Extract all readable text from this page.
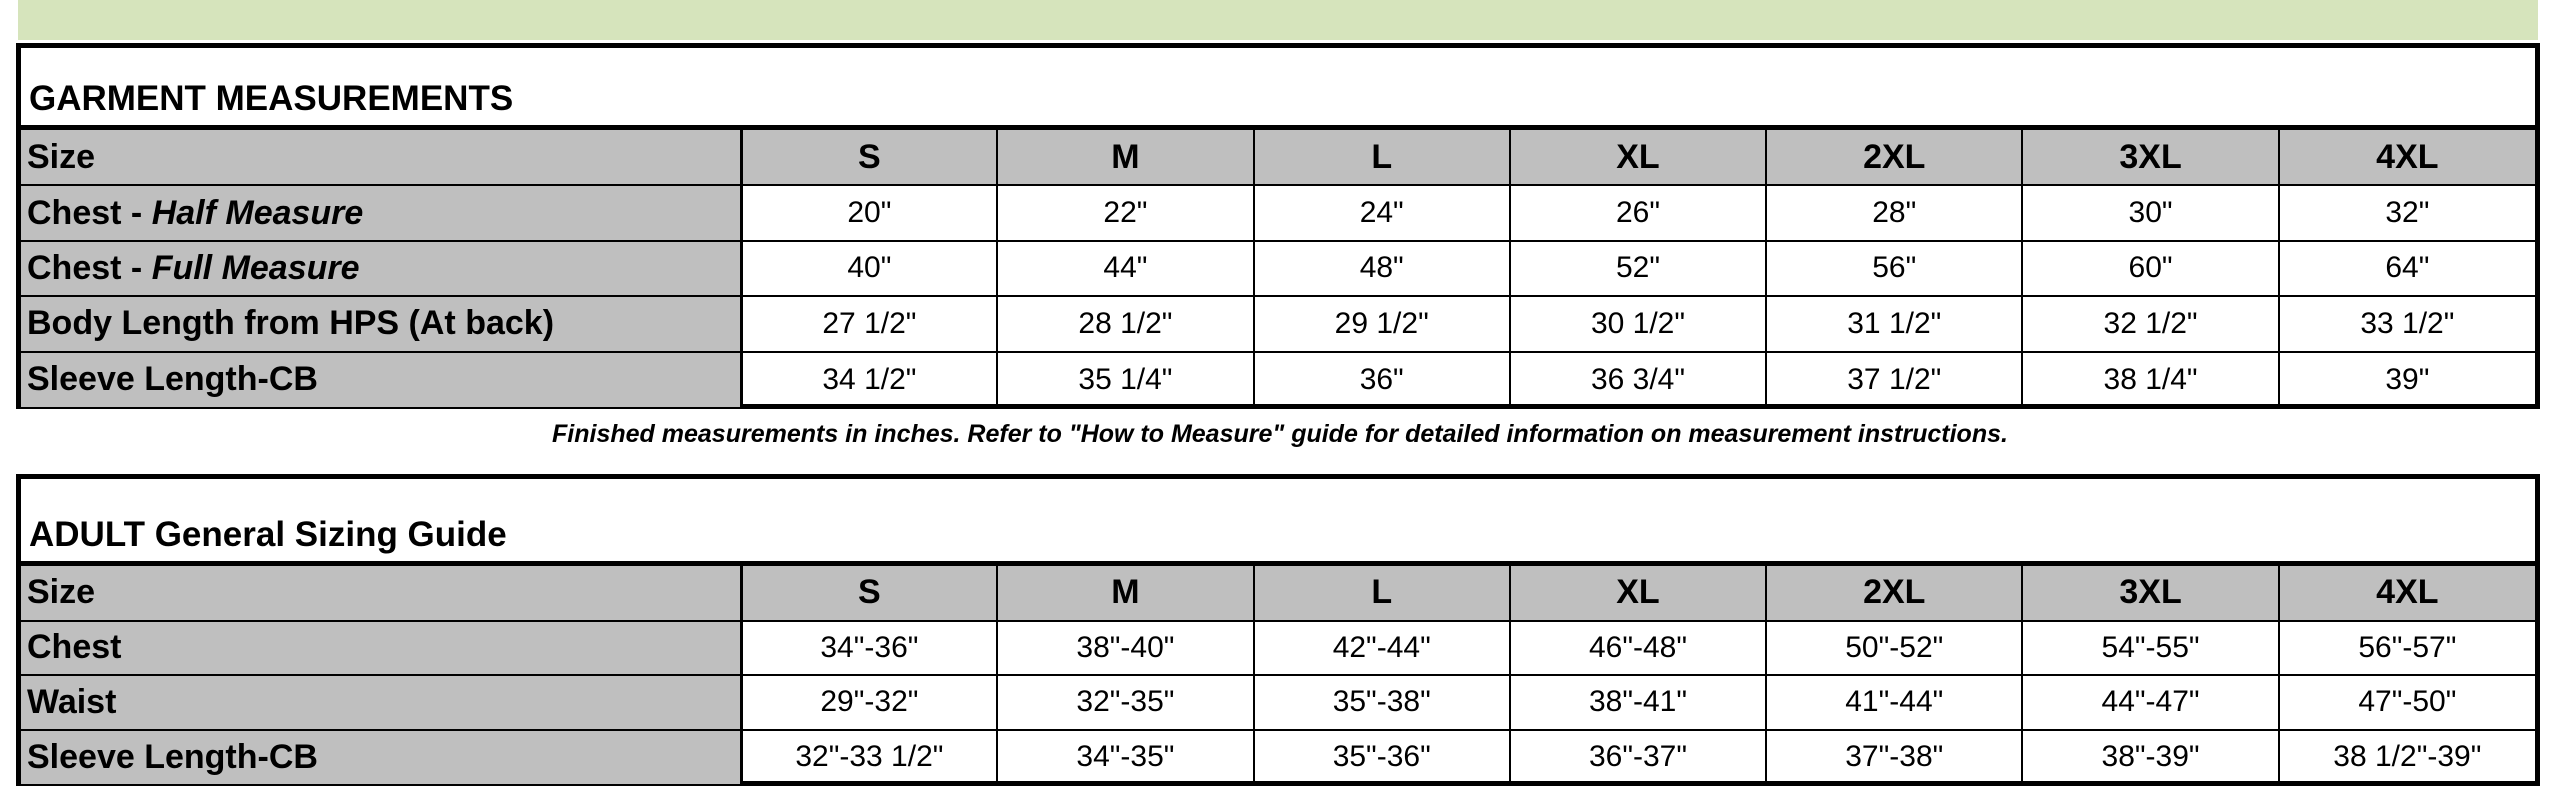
GARMENT MEASUREMENTS
Size	S	M	L	XL	2XL	3XL	4XL
Chest - Half Measure	20"	22"	24"	26"	28"	30"	32"
Chest - Full Measure	40"	44"	48"	52"	56"	60"	64"
Body Length from HPS (At back)	27 1/2"	28 1/2"	29 1/2"	30 1/2"	31 1/2"	32 1/2"	33 1/2"
Sleeve Length-CB	34 1/2"	35 1/4"	36"	36 3/4"	37 1/2"	38 1/4"	39"
Finished measurements in inches. Refer to "How to Measure" guide for detailed information on measurement instructions.
ADULT General Sizing Guide
Size	S	M	L	XL	2XL	3XL	4XL
Chest	34"-36"	38"-40"	42"-44"	46"-48"	50"-52"	54"-55"	56"-57"
Waist	29"-32"	32"-35"	35"-38"	38"-41"	41"-44"	44"-47"	47"-50"
Sleeve Length-CB	32"-33 1/2"	34"-35"	35"-36"	36"-37"	37"-38"	38"-39"	38 1/2"-39"
